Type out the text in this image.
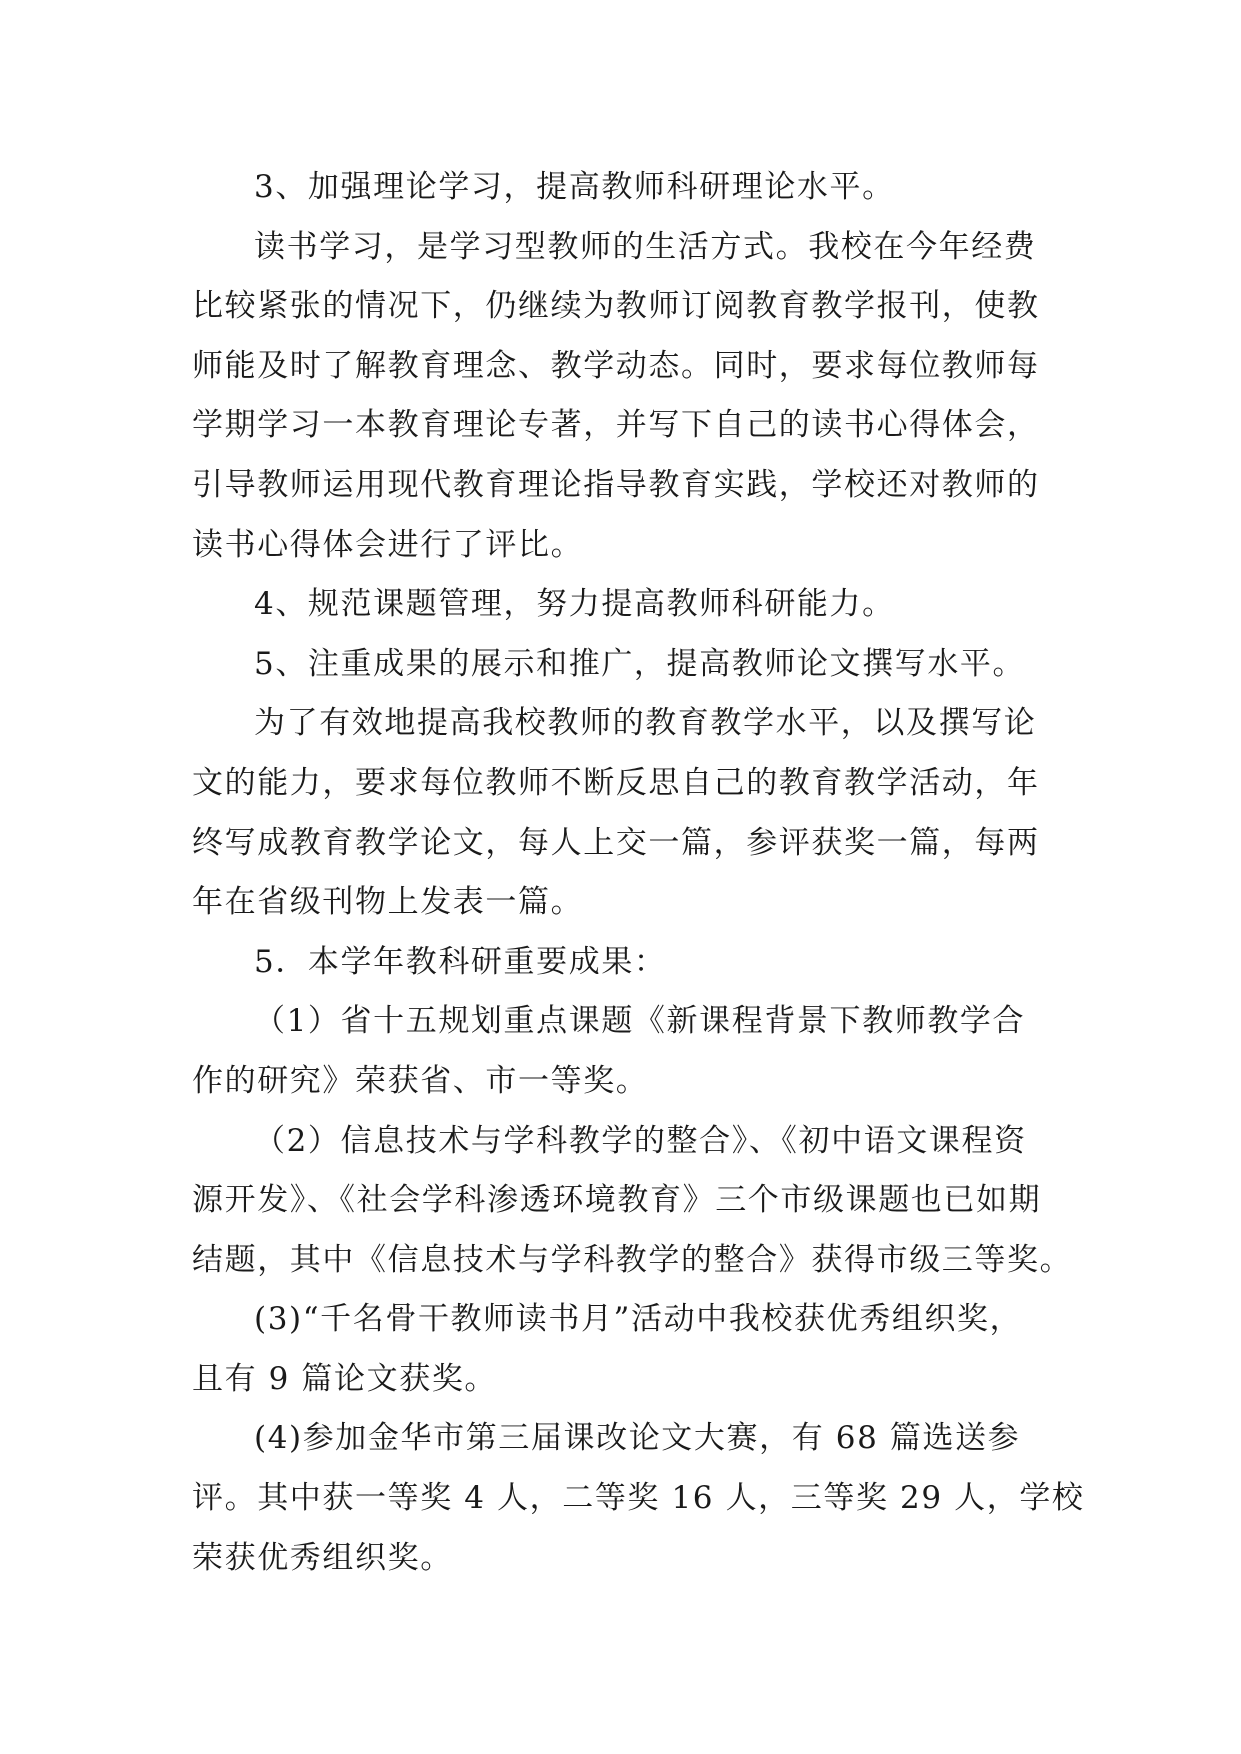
3、加强理论学习，提高教师科研理论水平。

读书学习，是学习型教师的生活方式。我校在今年经费

比较紧张的情况下，仍继续为教师订阅教育教学报刊，使教

师能及时了解教育理念、教学动态。同时，要求每位教师每

学期学习一本教育理论专著，并写下自己的读书心得体会，

引导教师运用现代教育理论指导教育实践，学校还对教师的

读书心得体会进行了评比。

4、规范课题管理，努力提高教师科研能力。

5、注重成果的展示和推广，提高教师论文撰写水平。

为了有效地提高我校教师的教育教学水平，以及撰写论

文的能力，要求每位教师不断反思自己的教育教学活动，年

终写成教育教学论文，每人上交一篇，参评获奖一篇，每两

年在省级刊物上发表一篇。

5．本学年教科研重要成果：

（1）省十五规划重点课题《新课程背景下教师教学合

作的研究》荣获省、市一等奖。

（2）信息技术与学科教学的整合》、《初中语文课程资

源开发》、《社会学科渗透环境教育》三个市级课题也已如期

结题，其中《信息技术与学科教学的整合》获得市级三等奖。

(3)“千名骨干教师读书月”活动中我校获优秀组织奖，

且有 9 篇论文获奖。

(4)参加金华市第三届课改论文大赛，有 68 篇选送参

评。其中获一等奖 4 人，二等奖 16 人，三等奖 29 人，学校

荣获优秀组织奖。
